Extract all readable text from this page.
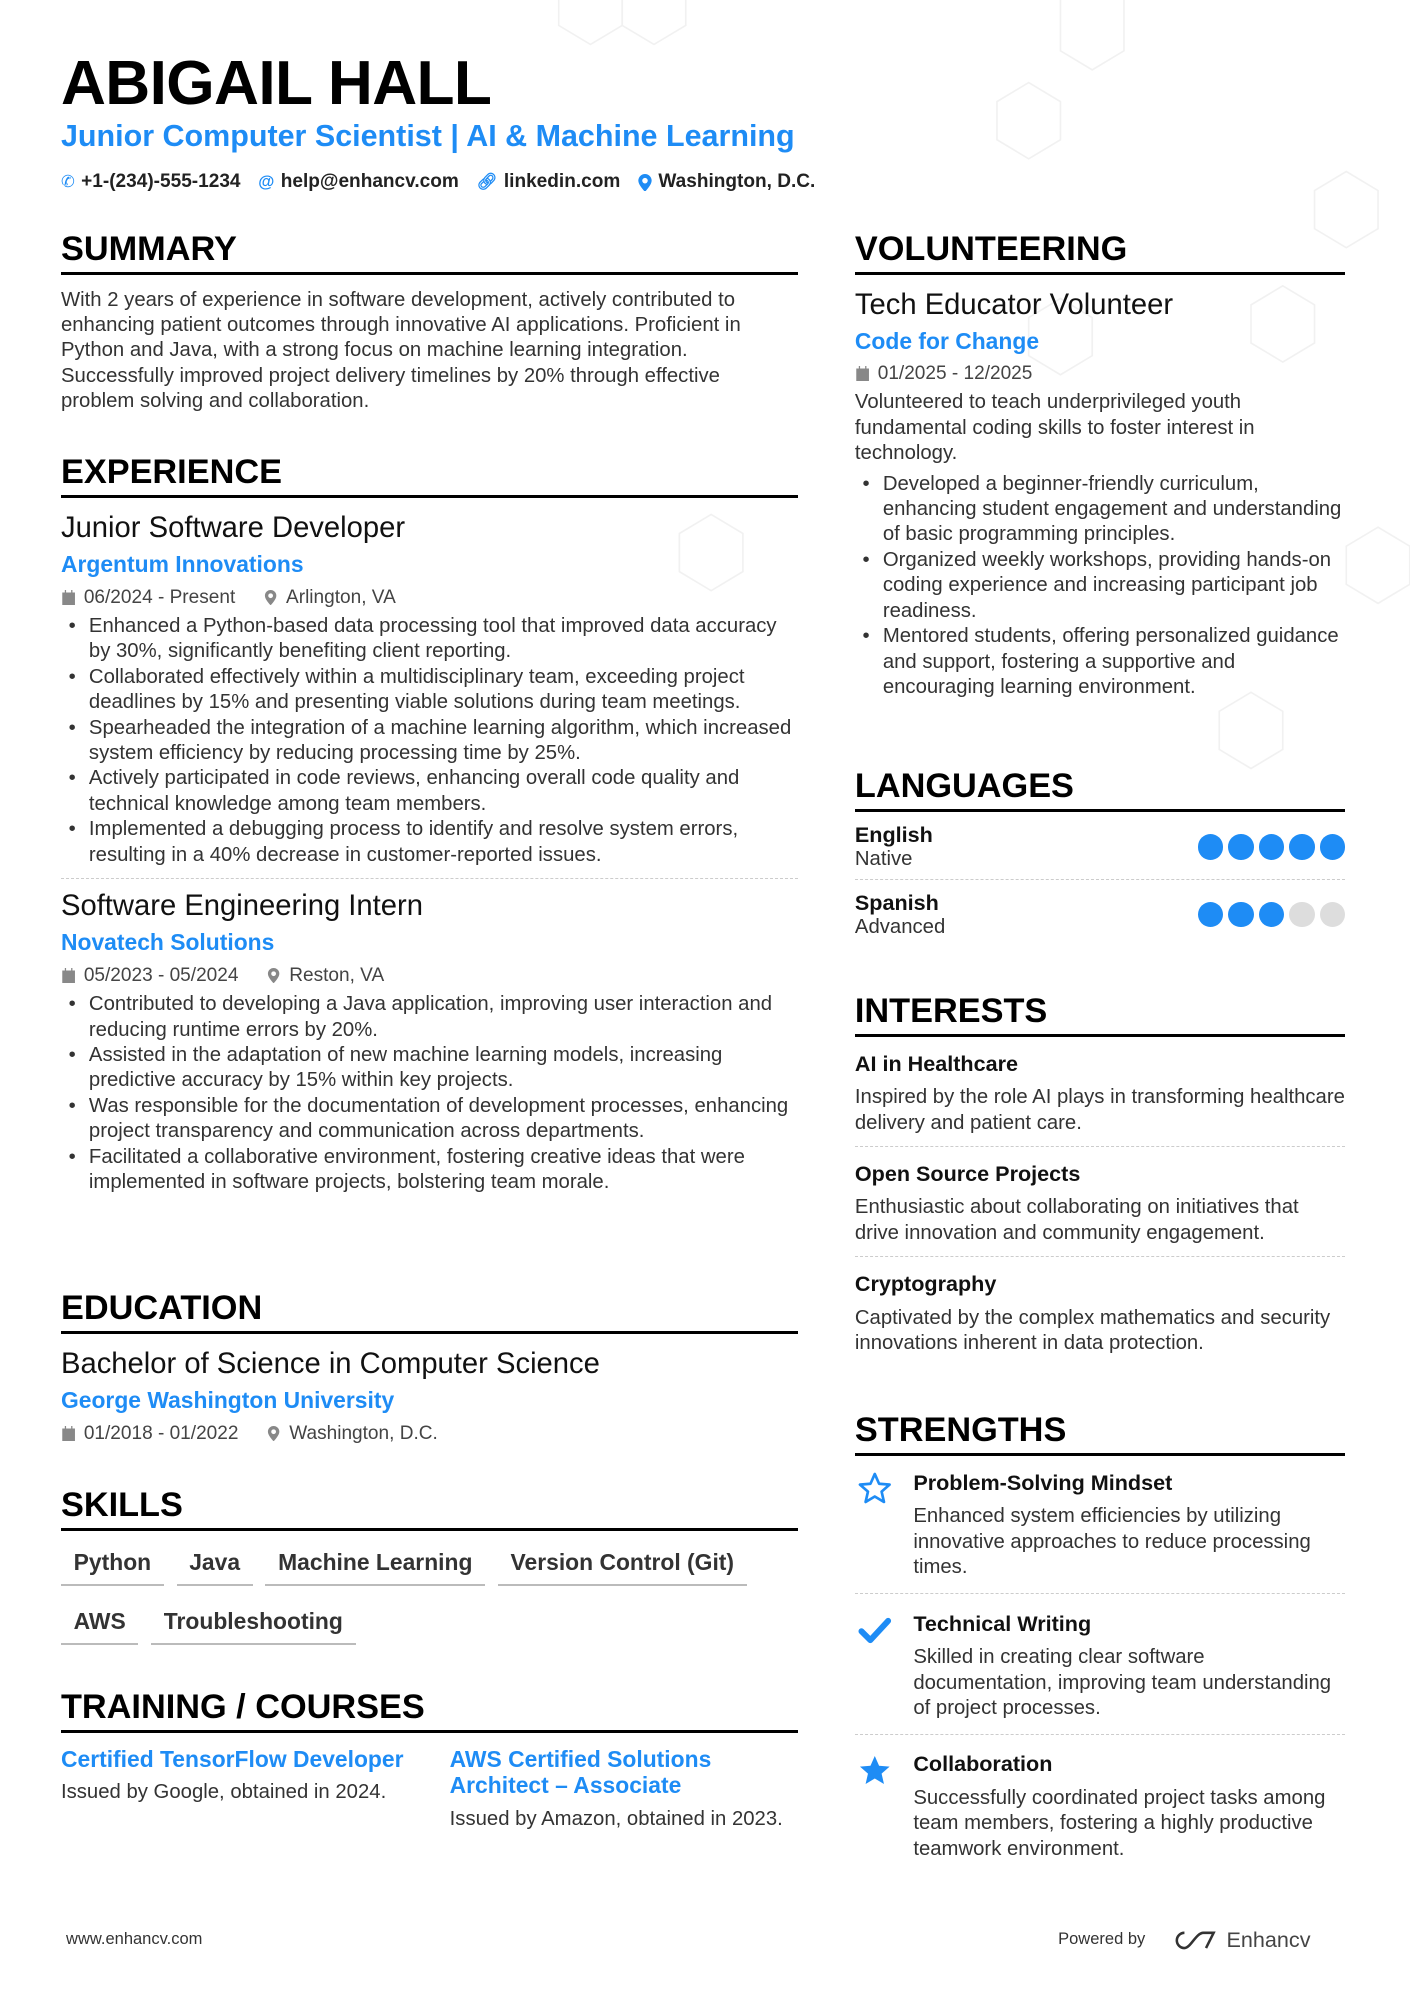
ABIGAIL HALL
Junior Computer Scientist | AI & Machine Learning
✆ +1-(234)-555-1234 @ help@enhancv.com 🔗︎ linkedin.com	Washington, D.C.
SUMMARY
With 2 years of experience in software development, actively contributed to enhancing patient outcomes through innovative AI applications. Proficient in Python and Java, with a strong focus on machine learning integration. Successfully improved project delivery timelines by 20% through effective problem solving and collaboration.
EXPERIENCE
Junior Software Developer
Argentum Innovations
06/2024 - Present	Arlington, VA
• Enhanced a Python-based data processing tool that improved data accuracy by 30%, significantly benefiting client reporting.
• Collaborated effectively within a multidisciplinary team, exceeding project deadlines by 15% and presenting viable solutions during team meetings.
• Spearheaded the integration of a machine learning algorithm, which increased system efficiency by reducing processing time by 25%.
• Actively participated in code reviews, enhancing overall code quality and technical knowledge among team members.
• Implemented a debugging process to identify and resolve system errors, resulting in a 40% decrease in customer-reported issues.
Software Engineering Intern
Novatech Solutions
05/2023 - 05/2024	Reston, VA
• Contributed to developing a Java application, improving user interaction and reducing runtime errors by 20%.
• Assisted in the adaptation of new machine learning models, increasing predictive accuracy by 15% within key projects.
• Was responsible for the documentation of development processes, enhancing project transparency and communication across departments.
• Facilitated a collaborative environment, fostering creative ideas that were implemented in software projects, bolstering team morale.
EDUCATION
Bachelor of Science in Computer Science
George Washington University
01/2018 - 01/2022	Washington, D.C.
SKILLS
Python	Java	Machine Learning	Version Control (Git)
AWS	Troubleshooting
TRAINING / COURSES
Certified TensorFlow Developer
Issued by Google, obtained in 2024.
AWS Certified Solutions Architect – Associate
Issued by Amazon, obtained in 2023.
VOLUNTEERING
Tech Educator Volunteer
Code for Change
01/2025 - 12/2025
Volunteered to teach underprivileged youth fundamental coding skills to foster interest in technology.
• Developed a beginner-friendly curriculum, enhancing student engagement and understanding of basic programming principles.
• Organized weekly workshops, providing hands-on coding experience and increasing participant job readiness.
• Mentored students, offering personalized guidance and support, fostering a supportive and encouraging learning environment.
LANGUAGES
English
Native
Spanish
Advanced
INTERESTS
AI in Healthcare
Inspired by the role AI plays in transforming healthcare delivery and patient care.
Open Source Projects
Enthusiastic about collaborating on initiatives that drive innovation and community engagement.
Cryptography
Captivated by the complex mathematics and security innovations inherent in data protection.
STRENGTHS
Problem-Solving Mindset
Enhanced system efficiencies by utilizing innovative approaches to reduce processing times.
Technical Writing
Skilled in creating clear software documentation, improving team understanding of project processes.
Collaboration
Successfully coordinated project tasks among team members, fostering a highly productive teamwork environment.
www.enhancv.com	Powered by	Enhancv
